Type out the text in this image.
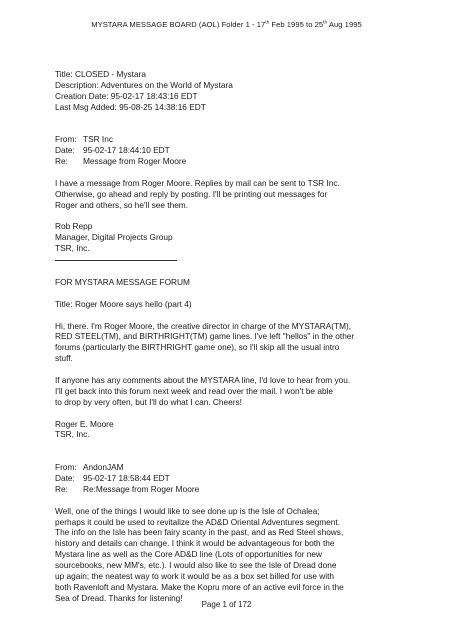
MYSTARA MESSAGE BOARD (AOL) Folder 1 - 17th Feb 1995 to 25th Aug 1995
Title: CLOSED - Mystara
Description: Adventures on the World of Mystara
Creation Date: 95-02-17 18:43:16 EDT
Last Msg Added: 95-08-25 14:38:16 EDT
From: TSR Inc
Date: 95-02-17 18:44:10 EDT
Re:	Message from Roger Moore
I have a message from Roger Moore. Replies by mail can be sent to TSR Inc.
Otherwise, go ahead and reply by posting. I'll be printing out messages for
Roger and others, so he'll see them.
Rob Repp
Manager, Digital Projects Group
TSR, Inc.
FOR MYSTARA MESSAGE FORUM
Title: Roger Moore says hello (part 4)
Hi, there. I'm Roger Moore, the creative director in charge of the MYSTARA(TM),
RED STEEL(TM), and BIRTHRIGHT(TM) game lines. I've left "hellos" in the other
forums (particularly the BIRTHRIGHT game one), so I'll skip all the usual intro
stuff.
If anyone has any comments about the MYSTARA line, I'd love to hear from you.
I'll get back into this forum next week and read over the mail. I won't be able
to drop by very often, but I'll do what I can. Cheers!
Roger E. Moore
TSR, Inc.
From: AndonJAM
Date: 95-02-17 18:58:44 EDT
Re:	Re:Message from Roger Moore
Well, one of the things I would like to see done up is the Isle of Ochalea;
perhaps it could be used to revitalize the AD&D Oriental Adventures segment.
The info on the Isle has been fairy scanty in the past, and as Red Steel shows,
history and details can change. I think it would be advantageous for both the
Mystara line as well as the Core AD&D line (Lots of opportunities for new
sourcebooks, new MM's, etc.). I would also like to see the Isle of Dread done
up again; the neatest way to work it would be as a box set billed for use with
both Ravenloft and Mystara. Make the Kopru more of an active evil force in the
Sea of Dread. Thanks for listening!
Page 1 of 172
